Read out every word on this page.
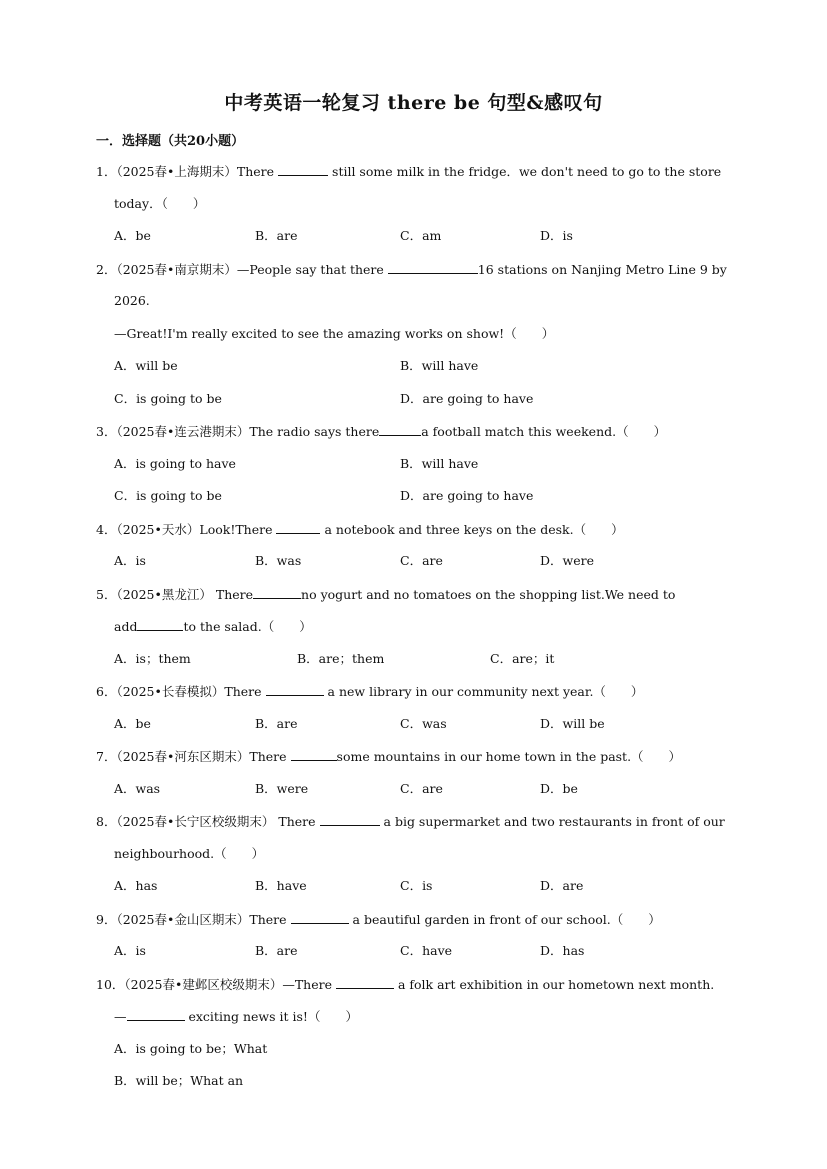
中考英语一轮复习 there be 句型&感叹句
一．选择题（共20小题）
1．（2025春•上海期末）There	still some milk in the fridge．we don't need to go to the store
today．（　　）
A．be	B．are	C．am	D．is
2．（2025春•南京期末）—People say that there	16 stations on Nanjing Metro Line 9 by
2026.
—Great!I'm really excited to see the amazing works on show!（　　）
A．will be	B．will have
C．is going to be	D．are going to have
3．（2025春•连云港期末）The radio says there	a football match this weekend.（　　）
A．is going to have	B．will have
C．is going to be	D．are going to have
4．（2025•天水）Look!There	a notebook and three keys on the desk.（　　）
A．is	B．was	C．are	D．were
5．（2025•黑龙江） There	no yogurt and no tomatoes on the shopping list.We need to
add	to the salad.（　　）
A．is；them	B．are；them	C．are；it
6．（2025•长春模拟）There	a new library in our community next year.（　　）
A．be	B．are	C．was	D．will be
7．（2025春•河东区期末）There	some mountains in our home town in the past.（　　）
A．was	B．were	C．are	D．be
8．（2025春•长宁区校级期末） There	a big supermarket and two restaurants in front of our
neighbourhood.（　　）
A．has	B．have	C．is	D．are
9．（2025春•金山区期末）There	a beautiful garden in front of our school.（　　）
A．is	B．are	C．have	D．has
10．（2025春•建邺区校级期末）—There	a folk art exhibition in our hometown next month.
—	exciting news it is!（　　）
A．is going to be；What
B．will be；What an
